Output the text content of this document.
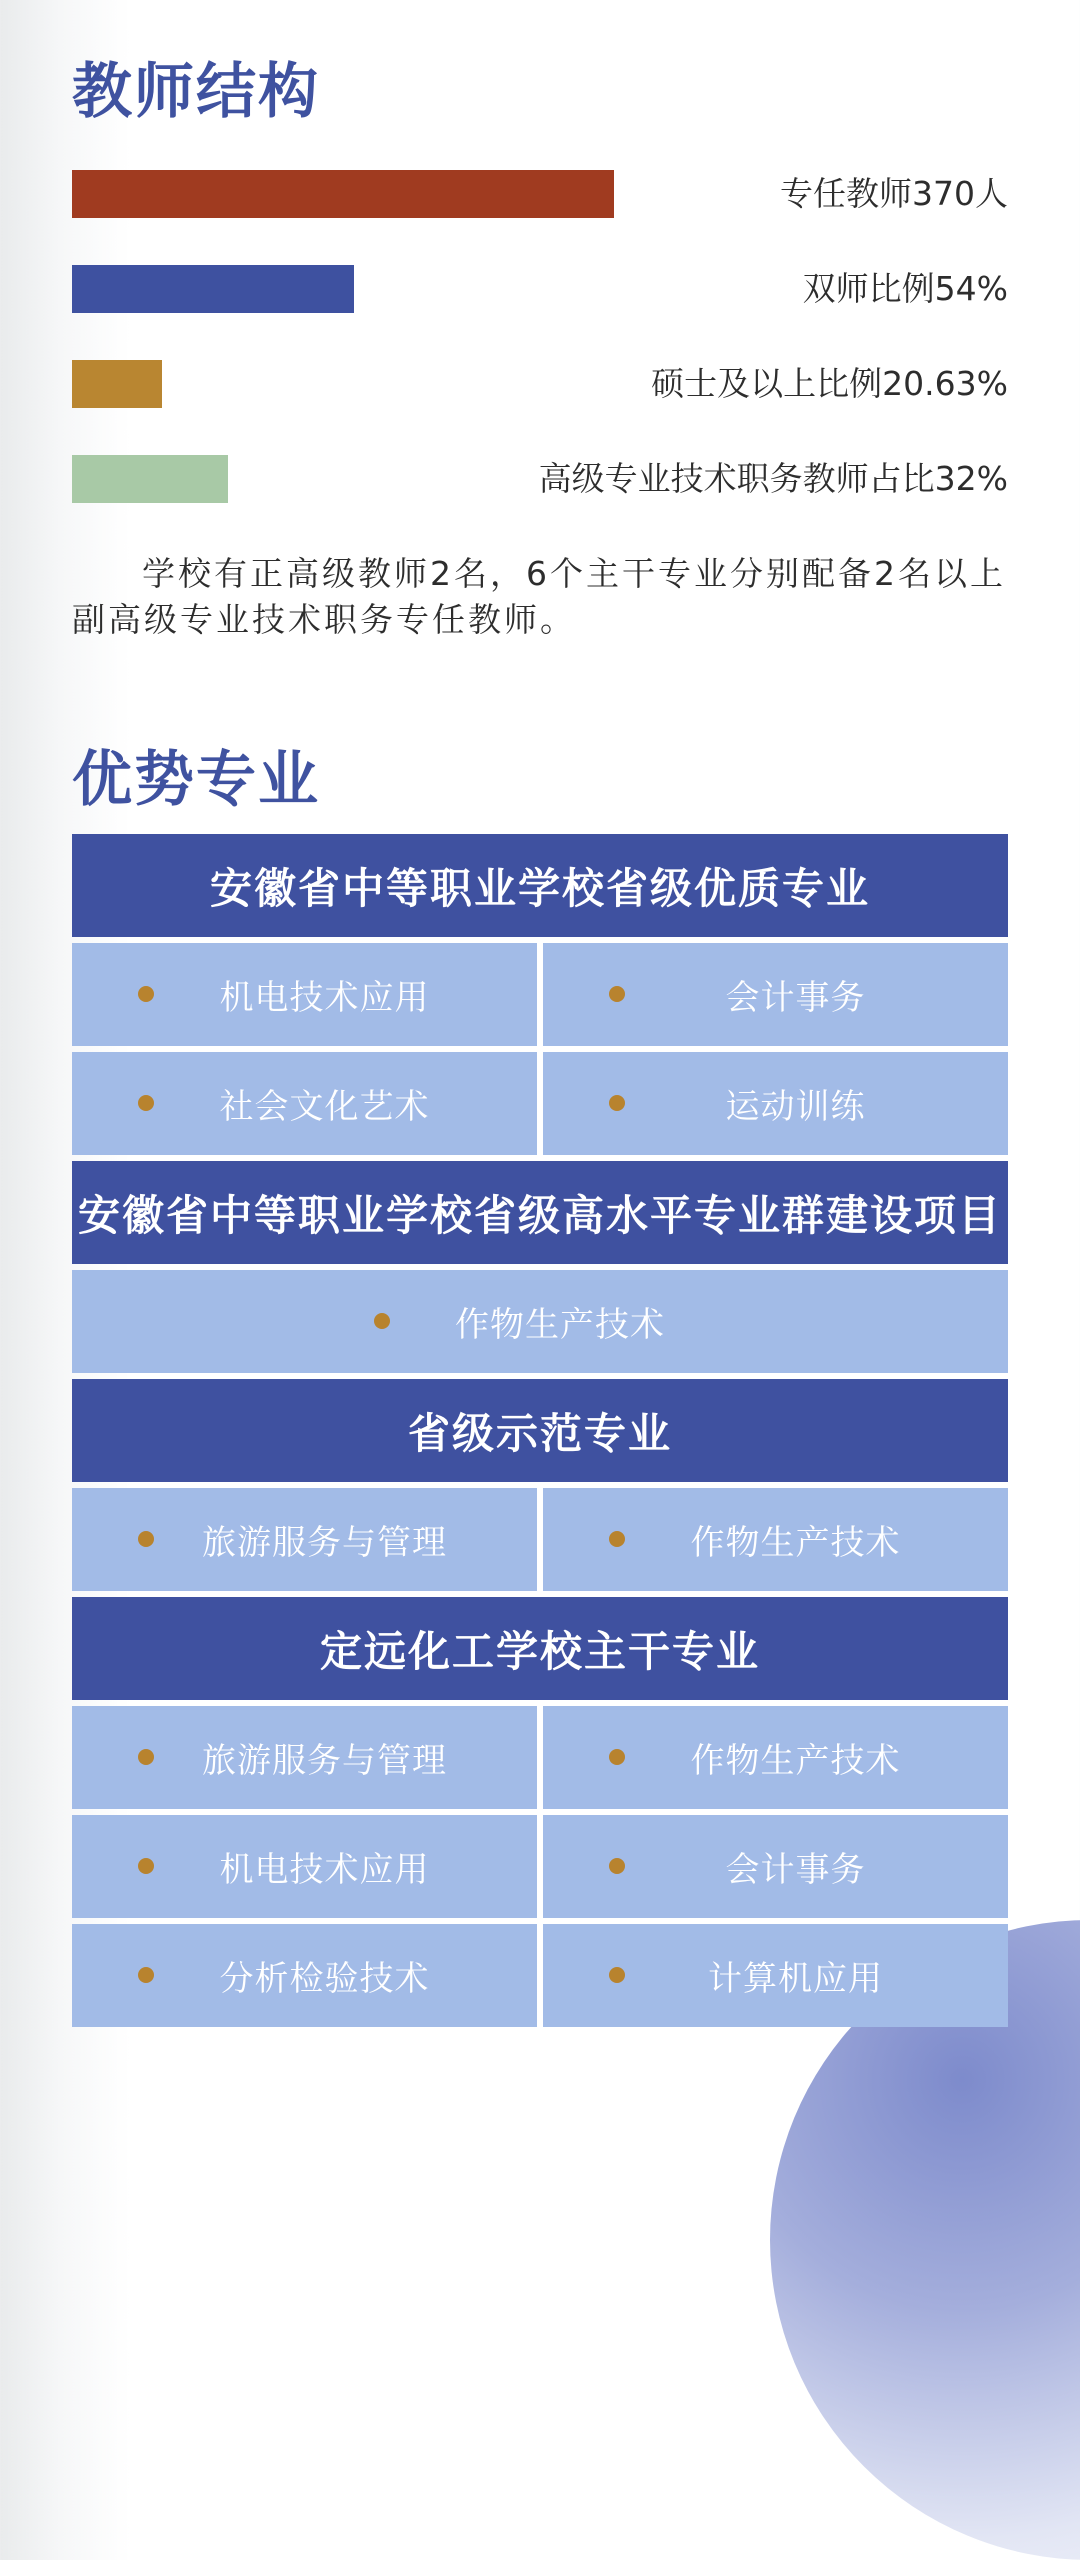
教师结构
专任教师370人
双师比例54%
硕士及以上比例20.63%
高级专业技术职务教师占比32%

学校有正高级教师2名，6个主干专业分别配备2名以上副高级专业技术职务专任教师。

优势专业
安徽省中等职业学校省级优质专业
机电技术应用	会计事务
社会文化艺术	运动训练
安徽省中等职业学校省级高水平专业群建设项目
作物生产技术
省级示范专业
旅游服务与管理	作物生产技术
定远化工学校主干专业
旅游服务与管理	作物生产技术
机电技术应用	会计事务
分析检验技术	计算机应用
